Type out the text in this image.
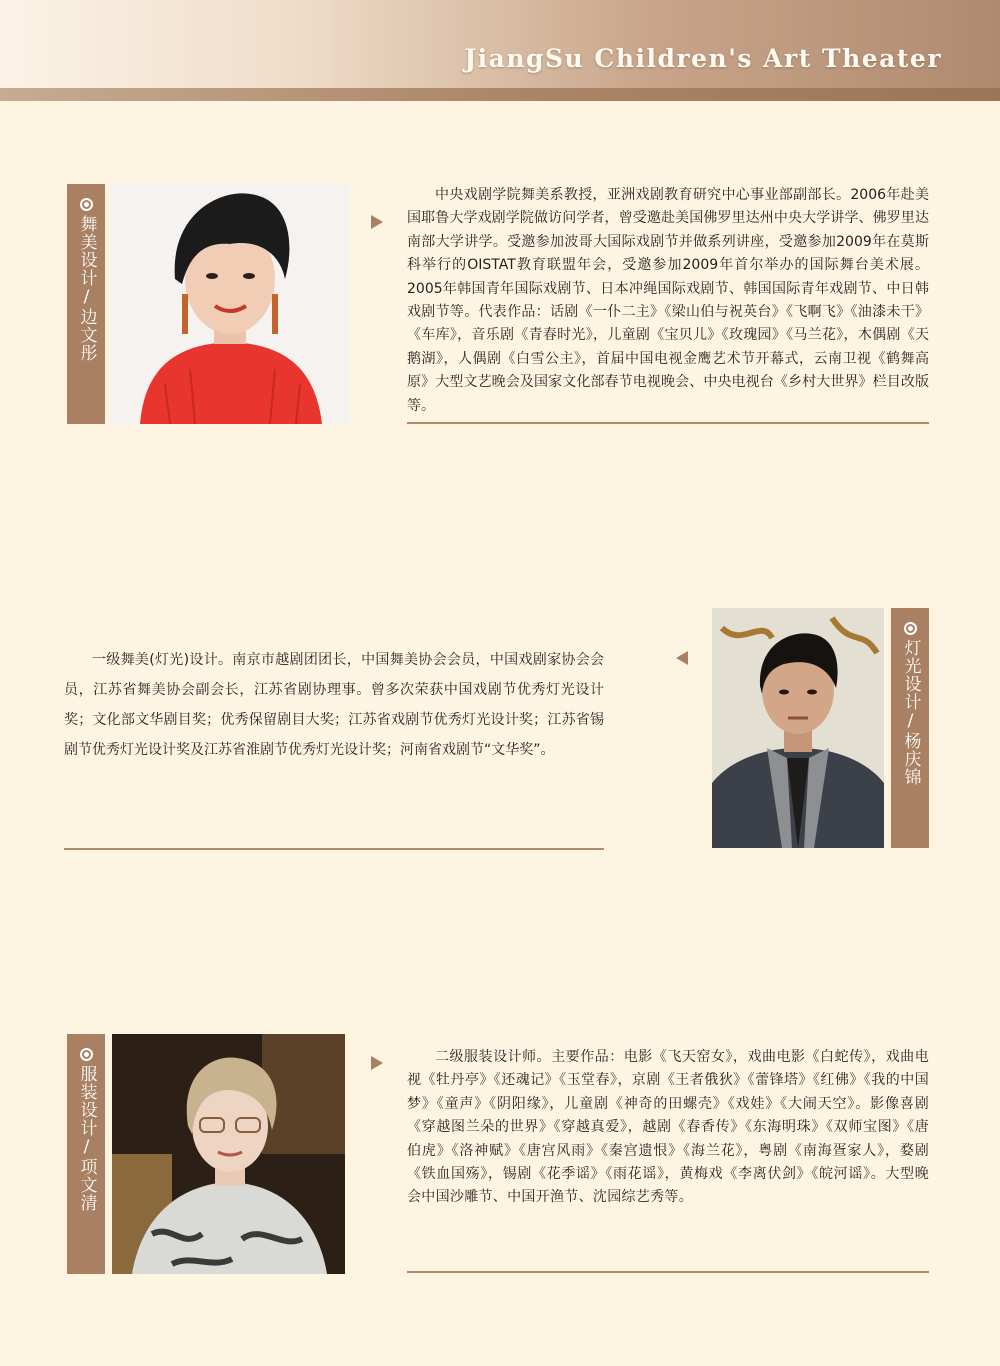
JiangSu Children's Art Theater
舞美设计/边文彤

中央戏剧学院舞美系教授，亚洲戏剧教育研究中心事业部副部长。2006年赴美国耶鲁大学戏剧学院做访问学者，曾受邀赴美国佛罗里达州中央大学讲学、佛罗里达南部大学讲学。受邀参加波哥大国际戏剧节并做系列讲座，受邀参加2009年在莫斯科举行的OISTAT教育联盟年会，受邀参加2009年首尔举办的国际舞台美术展。2005年韩国青年国际戏剧节、日本冲绳国际戏剧节、韩国国际青年戏剧节、中日韩戏剧节等。代表作品：话剧《一仆二主》《梁山伯与祝英台》《飞啊飞》《油漆未干》《车库》，音乐剧《青春时光》，儿童剧《宝贝儿》《玫瑰园》《马兰花》，木偶剧《天鹅湖》，人偶剧《白雪公主》，首届中国电视金鹰艺术节开幕式，云南卫视《鹤舞高原》大型文艺晚会及国家文化部春节电视晚会、中央电视台《乡村大世界》栏目改版等。

一级舞美(灯光)设计。南京市越剧团团长，中国舞美协会会员，中国戏剧家协会会员，江苏省舞美协会副会长，江苏省剧协理事。曾多次荣获中国戏剧节优秀灯光设计奖；文化部文华剧目奖；优秀保留剧目大奖；江苏省戏剧节优秀灯光设计奖；江苏省锡剧节优秀灯光设计奖及江苏省淮剧节优秀灯光设计奖；河南省戏剧节“文华奖”。	灯光设计/杨庆锦
服装设计/项文清

二级服装设计师。主要作品：电影《飞天窑女》，戏曲电影《白蛇传》，戏曲电视《牡丹亭》《还魂记》《玉堂春》，京剧《王者俄狄》《蕾锋塔》《红佛》《我的中国梦》《童声》《阴阳缘》，儿童剧《神奇的田螺壳》《戏娃》《大闹天空》。影像喜剧《穿越图兰朵的世界》《穿越真爱》，越剧《春香传》《东海明珠》《双师宝图》《唐伯虎》《洛神赋》《唐宫风雨》《秦宫遗恨》《海兰花》，粤剧《南海疍家人》，婺剧《铁血国殇》，锡剧《花季谣》《雨花谣》，黄梅戏《李离伏剑》《皖河谣》。大型晚会中国沙雕节、中国开渔节、沈园综艺秀等。
